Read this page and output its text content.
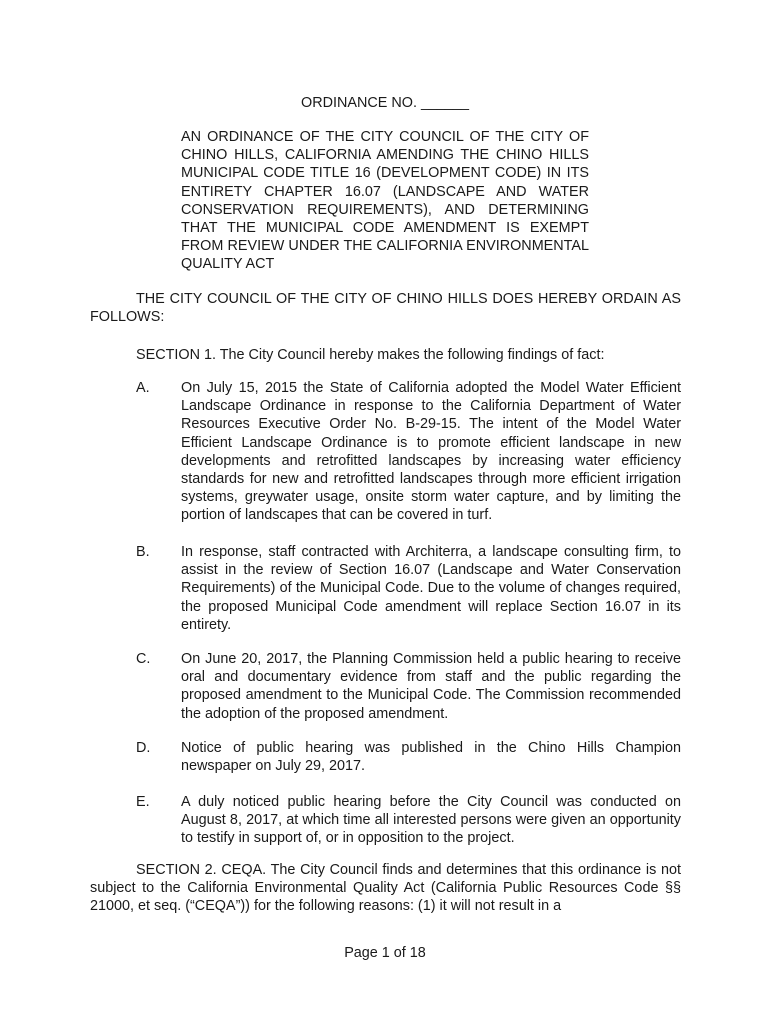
ORDINANCE NO. ______

AN ORDINANCE OF THE CITY COUNCIL OF THE CITY OF CHINO HILLS, CALIFORNIA AMENDING THE CHINO HILLS MUNICIPAL CODE TITLE 16 (DEVELOPMENT CODE) IN ITS ENTIRETY CHAPTER 16.07 (LANDSCAPE AND WATER CONSERVATION REQUIREMENTS), AND DETERMINING THAT THE MUNICIPAL CODE AMENDMENT IS EXEMPT FROM REVIEW UNDER THE CALIFORNIA ENVIRONMENTAL QUALITY ACT

THE CITY COUNCIL OF THE CITY OF CHINO HILLS DOES HEREBY ORDAIN AS FOLLOWS:

SECTION 1. The City Council hereby makes the following findings of fact:

A. On July 15, 2015 the State of California adopted the Model Water Efficient Landscape Ordinance in response to the California Department of Water Resources Executive Order No. B-29-15. The intent of the Model Water Efficient Landscape Ordinance is to promote efficient landscape in new developments and retrofitted landscapes by increasing water efficiency standards for new and retrofitted landscapes through more efficient irrigation systems, greywater usage, onsite storm water capture, and by limiting the portion of landscapes that can be covered in turf.

B. In response, staff contracted with Architerra, a landscape consulting firm, to assist in the review of Section 16.07 (Landscape and Water Conservation Requirements) of the Municipal Code. Due to the volume of changes required, the proposed Municipal Code amendment will replace Section 16.07 in its entirety.

C. On June 20, 2017, the Planning Commission held a public hearing to receive oral and documentary evidence from staff and the public regarding the proposed amendment to the Municipal Code. The Commission recommended the adoption of the proposed amendment.

D. Notice of public hearing was published in the Chino Hills Champion newspaper on July 29, 2017.

E. A duly noticed public hearing before the City Council was conducted on August 8, 2017, at which time all interested persons were given an opportunity to testify in support of, or in opposition to the project.

SECTION 2. CEQA. The City Council finds and determines that this ordinance is not subject to the California Environmental Quality Act (California Public Resources Code §§ 21000, et seq. (“CEQA”)) for the following reasons: (1) it will not result in a

Page 1 of 18
